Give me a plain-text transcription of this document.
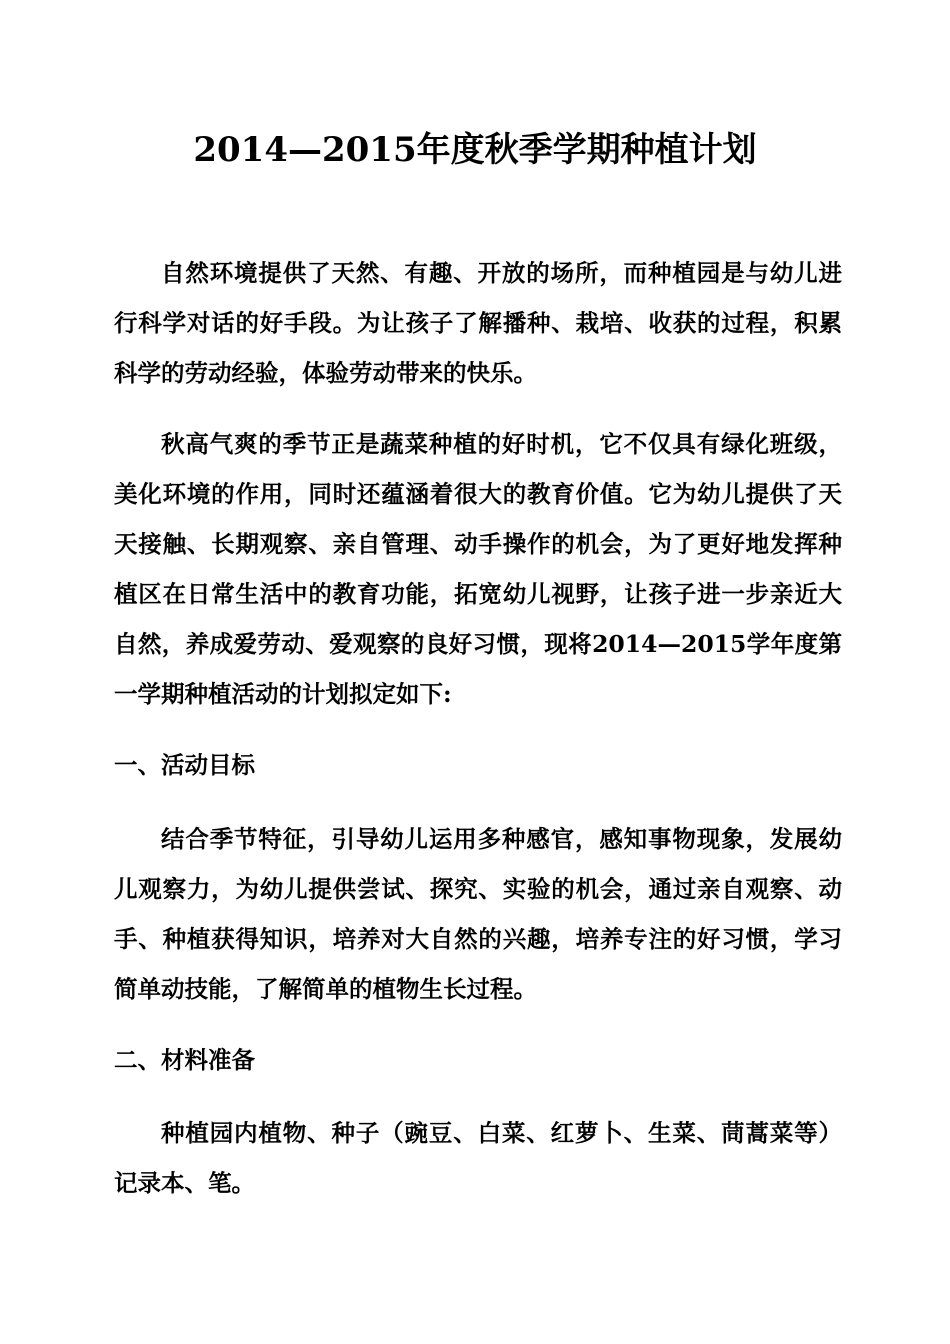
2014—2015年度秋季学期种植计划
自然环境提供了天然、有趣、开放的场所，而种植园是与幼儿进行科学对话的好手段。为让孩子了解播种、栽培、收获的过程，积累科学的劳动经验，体验劳动带来的快乐。
秋高气爽的季节正是蔬菜种植的好时机，它不仅具有绿化班级，美化环境的作用，同时还蕴涵着很大的教育价值。它为幼儿提供了天天接触、长期观察、亲自管理、动手操作的机会，为了更好地发挥种植区在日常生活中的教育功能，拓宽幼儿视野，让孩子进一步亲近大自然，养成爱劳动、爱观察的良好习惯，现将2014—2015学年度第一学期种植活动的计划拟定如下:
一、活动目标
结合季节特征，引导幼儿运用多种感官，感知事物现象，发展幼儿观察力，为幼儿提供尝试、探究、实验的机会，通过亲自观察、动手、种植获得知识，培养对大自然的兴趣，培养专注的好习惯，学习简单动技能，了解简单的植物生长过程。
二、材料准备
种植园内植物、种子（豌豆、白菜、红萝卜、生菜、茼蒿菜等）记录本、笔。
